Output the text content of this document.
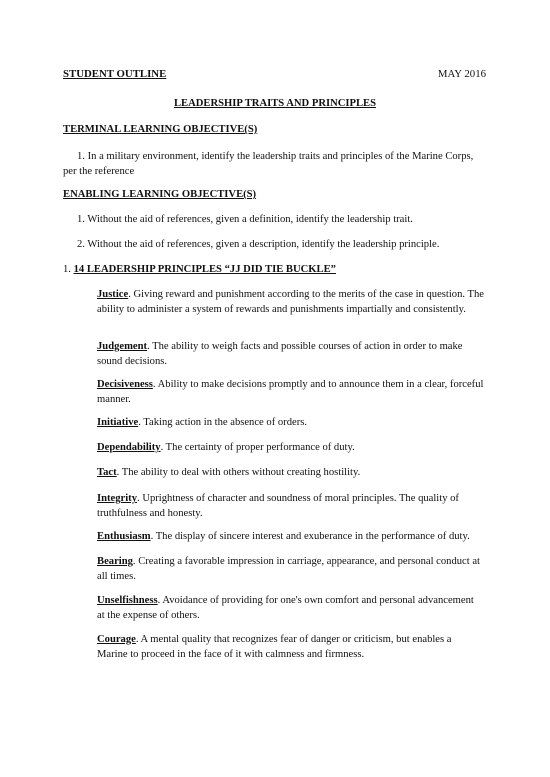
STUDENT OUTLINE	MAY 2016
LEADERSHIP TRAITS AND PRINCIPLES
TERMINAL LEARNING OBJECTIVE(S)
1. In a military environment, identify the leadership traits and principles of the Marine Corps, per the reference
ENABLING LEARNING OBJECTIVE(S)
1. Without the aid of references, given a definition, identify the leadership trait.
2. Without the aid of references, given a description, identify the leadership principle.
1. 14 LEADERSHIP PRINCIPLES “JJ DID TIE BUCKLE”
Justice. Giving reward and punishment according to the merits of the case in question. The ability to administer a system of rewards and punishments impartially and consistently.
Judgement. The ability to weigh facts and possible courses of action in order to make sound decisions.
Decisiveness. Ability to make decisions promptly and to announce them in a clear, forceful manner.
Initiative. Taking action in the absence of orders.
Dependability. The certainty of proper performance of duty.
Tact. The ability to deal with others without creating hostility.
Integrity. Uprightness of character and soundness of moral principles. The quality of truthfulness and honesty.
Enthusiasm. The display of sincere interest and exuberance in the performance of duty.
Bearing. Creating a favorable impression in carriage, appearance, and personal conduct at all times.
Unselfishness. Avoidance of providing for one's own comfort and personal advancement at the expense of others.
Courage. A mental quality that recognizes fear of danger or criticism, but enables a Marine to proceed in the face of it with calmness and firmness.
